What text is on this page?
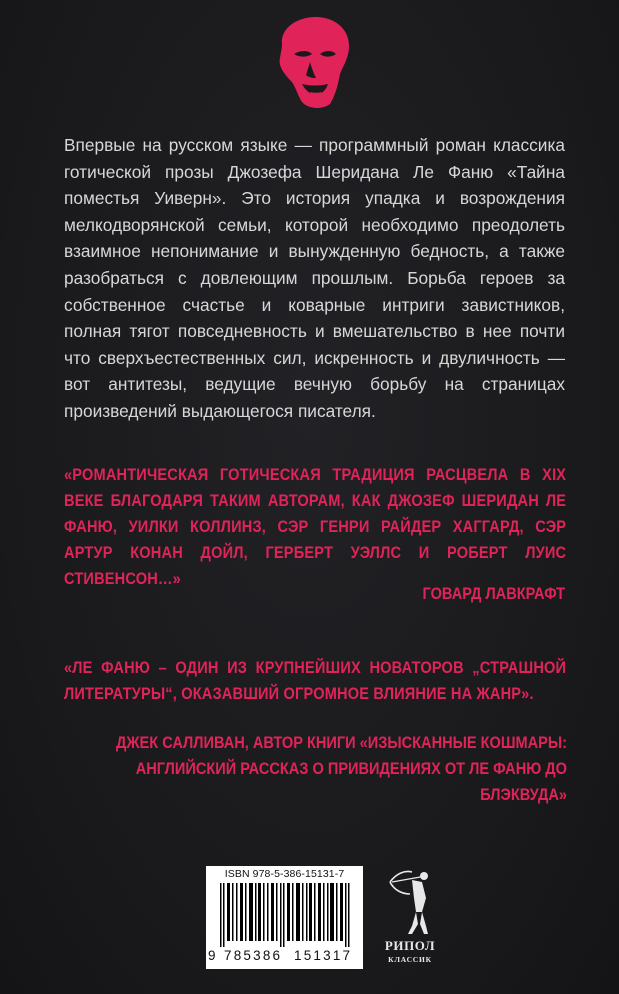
Впервые на русском языке — программный роман классика готической прозы Джозефа Шеридана Ле Фаню «Тайна поместья Уиверн». Это история упадка и возрождения мелкодворянской семьи, которой необходимо преодолеть взаимное непонимание и вынужденную бедность, а также разобраться с довлеющим прошлым. Борьба героев за собственное счастье и коварные интриги завистников, полная тягот повседневность и вмешательство в нее почти что сверхъестественных сил, искренность и двуличность — вот антитезы, ведущие вечную борьбу на страницах произведений выдающегося писателя.

«РОМАНТИЧЕСКАЯ ГОТИЧЕСКАЯ ТРАДИЦИЯ РАСЦВЕЛА В XIX ВЕКЕ БЛАГОДАРЯ ТАКИМ АВТОРАМ, КАК ДЖОЗЕФ ШЕРИДАН ЛЕ ФАНЮ, УИЛКИ КОЛЛИНЗ, СЭР ГЕНРИ РАЙДЕР ХАГГАРД, СЭР АРТУР КОНАН ДОЙЛ, ГЕРБЕРТ УЭЛЛС И РОБЕРТ ЛУИС СТИВЕНСОН…»

ГОВАРД ЛАВКРАФТ

«ЛЕ ФАНЮ – ОДИН ИЗ КРУПНЕЙШИХ НОВАТОРОВ „СТРАШНОЙ ЛИТЕРАТУРЫ“, ОКАЗАВШИЙ ОГРОМНОЕ ВЛИЯНИЕ НА ЖАНР».

ДЖЕК САЛЛИВАН, АВТОР КНИГИ «ИЗЫСКАННЫЕ КОШМАРЫ:
АНГЛИЙСКИЙ РАССКАЗ О ПРИВИДЕНИЯХ ОТ ЛЕ ФАНЮ ДО БЛЭКВУДА»
ISBN 978-5-386-15131-7
9 785386 151317
РИПОЛ
КЛАССИК
